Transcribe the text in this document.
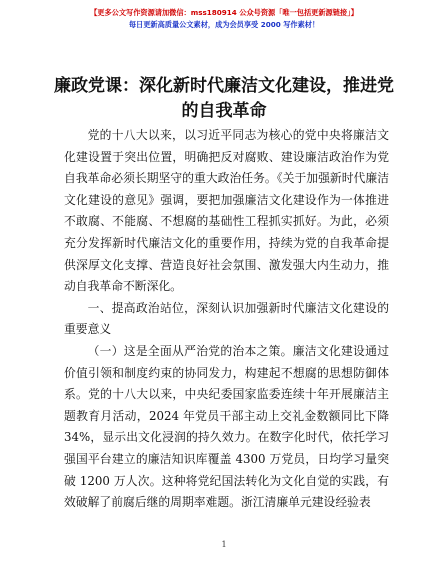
【更多公文写作资源请加微信：mss180914 公众号资源「唯一包括更新源链接」】
每日更新高质量公文素材，成为会员享受 2000 写作素材！
廉政党课：深化新时代廉洁文化建设，推进党
的自我革命

党的十八大以来，以习近平同志为核心的党中央将廉洁文化建设置于突出位置，明确把反对腐败、建设廉洁政治作为党自我革命必须长期坚守的重大政治任务。《关于加强新时代廉洁文化建设的意见》强调，要把加强廉洁文化建设作为一体推进不敢腐、不能腐、不想腐的基础性工程抓实抓好。为此，必须充分发挥新时代廉洁文化的重要作用，持续为党的自我革命提供深厚文化支撑、营造良好社会氛围、激发强大内生动力，推动自我革命不断深化。

一、提高政治站位，深刻认识加强新时代廉洁文化建设的重要意义

（一）这是全面从严治党的治本之策。廉洁文化建设通过价值引领和制度约束的协同发力，构建起不想腐的思想防御体系。党的十八大以来，中央纪委国家监委连续十年开展廉洁主题教育月活动，2024 年党员干部主动上交礼金数额同比下降 34%，显示出文化浸润的持久效力。在数字化时代，依托学习强国平台建立的廉洁知识库覆盖 4300 万党员，日均学习量突破 1200 万人次。这种将党纪国法转化为文化自觉的实践，有效破解了前腐后继的周期率难题。浙江清廉单元建设经验表

1
